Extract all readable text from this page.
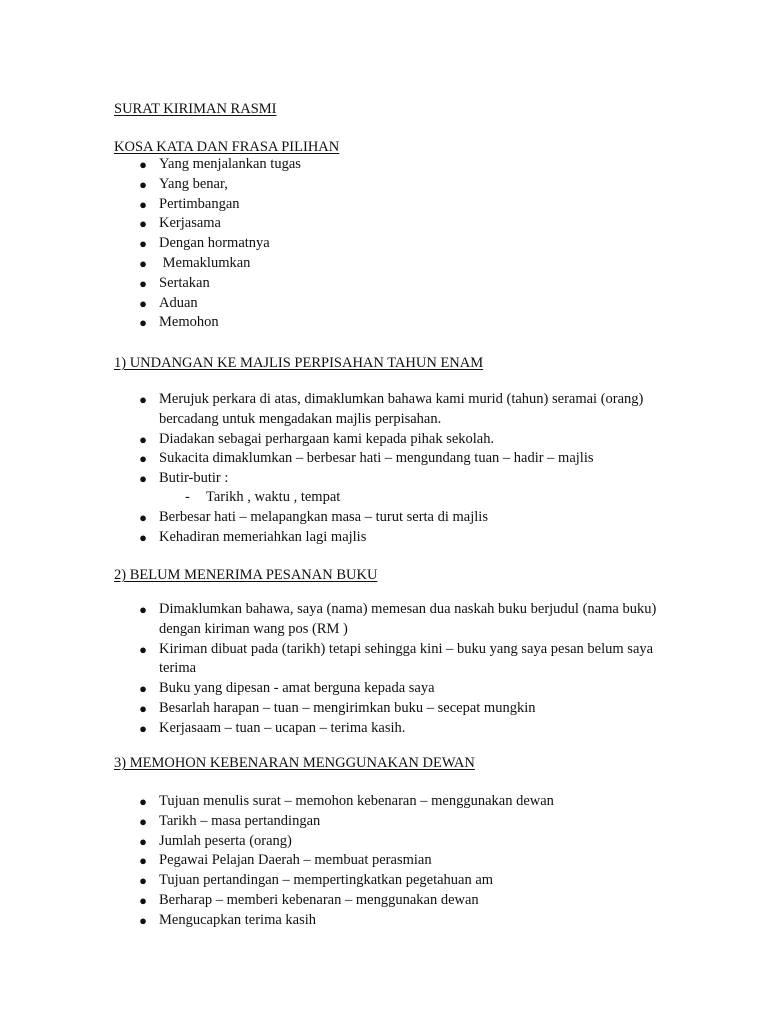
SURAT KIRIMAN RASMI
KOSA KATA DAN FRASA PILIHAN
● Yang menjalankan tugas
● Yang benar,
● Pertimbangan
● Kerjasama
● Dengan hormatnya
● Memaklumkan
● Sertakan
● Aduan
● Memohon
1) UNDANGAN KE MAJLIS PERPISAHAN TAHUN ENAM
● Merujuk perkara di atas, dimaklumkan bahawa kami murid (tahun) seramai (orang) bercadang untuk mengadakan majlis perpisahan.
● Diadakan sebagai perhargaan kami kepada pihak sekolah.
● Sukacita dimaklumkan – berbesar hati – mengundang tuan – hadir – majlis
● Butir-butir :
- Tarikh , waktu , tempat
● Berbesar hati – melapangkan masa – turut serta di majlis
● Kehadiran memeriahkan lagi majlis
2) BELUM MENERIMA PESANAN BUKU
● Dimaklumkan bahawa, saya (nama) memesan dua naskah buku berjudul (nama buku) dengan kiriman wang pos (RM )
● Kiriman dibuat pada (tarikh) tetapi sehingga kini – buku yang saya pesan belum saya terima
● Buku yang dipesan - amat berguna kepada saya
● Besarlah harapan – tuan – mengirimkan buku – secepat mungkin
● Kerjasaam – tuan – ucapan – terima kasih.
3) MEMOHON KEBENARAN MENGGUNAKAN DEWAN
● Tujuan menulis surat – memohon kebenaran – menggunakan dewan
● Tarikh – masa pertandingan
● Jumlah peserta (orang)
● Pegawai Pelajan Daerah – membuat perasmian
● Tujuan pertandingan – mempertingkatkan pegetahuan am
● Berharap – memberi kebenaran – menggunakan dewan
● Mengucapkan terima kasih
